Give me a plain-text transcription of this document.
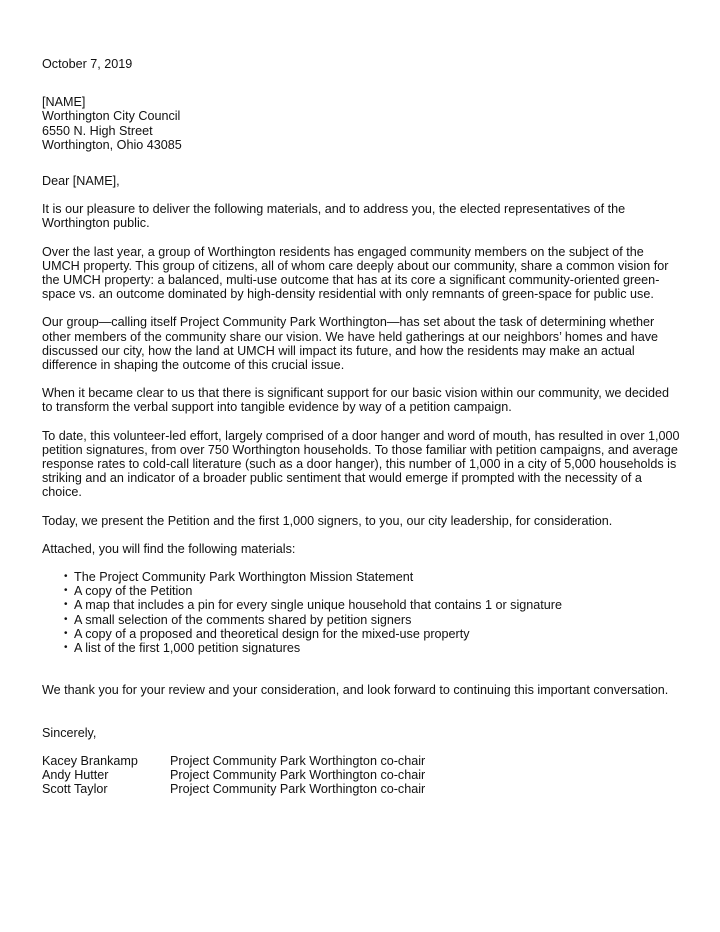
October 7, 2019

[NAME]
Worthington City Council
6550 N. High Street
Worthington, Ohio 43085

Dear [NAME],

It is our pleasure to deliver the following materials, and to address you, the elected representatives of the Worthington public.

Over the last year, a group of Worthington residents has engaged community members on the subject of the UMCH property. This group of citizens, all of whom care deeply about our community, share a common vision for the UMCH property: a balanced, multi-use outcome that has at its core a significant community-oriented green-space vs. an outcome dominated by high-density residential with only remnants of green-space for public use.

Our group—calling itself Project Community Park Worthington—has set about the task of determining whether other members of the community share our vision. We have held gatherings at our neighbors’ homes and have discussed our city, how the land at UMCH will impact its future, and how the residents may make an actual difference in shaping the outcome of this crucial issue.

When it became clear to us that there is significant support for our basic vision within our community, we decided to transform the verbal support into tangible evidence by way of a petition campaign.

To date, this volunteer-led effort, largely comprised of a door hanger and word of mouth, has resulted in over 1,000 petition signatures, from over 750 Worthington households. To those familiar with petition campaigns, and average response rates to cold-call literature (such as a door hanger), this number of 1,000 in a city of 5,000 households is striking and an indicator of a broader public sentiment that would emerge if prompted with the necessity of a choice.

Today, we present the Petition and the first 1,000 signers, to you, our city leadership, for consideration.

Attached, you will find the following materials:

• The Project Community Park Worthington Mission Statement
• A copy of the Petition
• A map that includes a pin for every single unique household that contains 1 or signature
• A small selection of the comments shared by petition signers
• A copy of a proposed and theoretical design for the mixed-use property
• A list of the first 1,000 petition signatures

We thank you for your review and your consideration, and look forward to continuing this important conversation.

Sincerely,

Kacey Brankamp	Project Community Park Worthington co-chair
Andy Hutter	Project Community Park Worthington co-chair
Scott Taylor	Project Community Park Worthington co-chair
